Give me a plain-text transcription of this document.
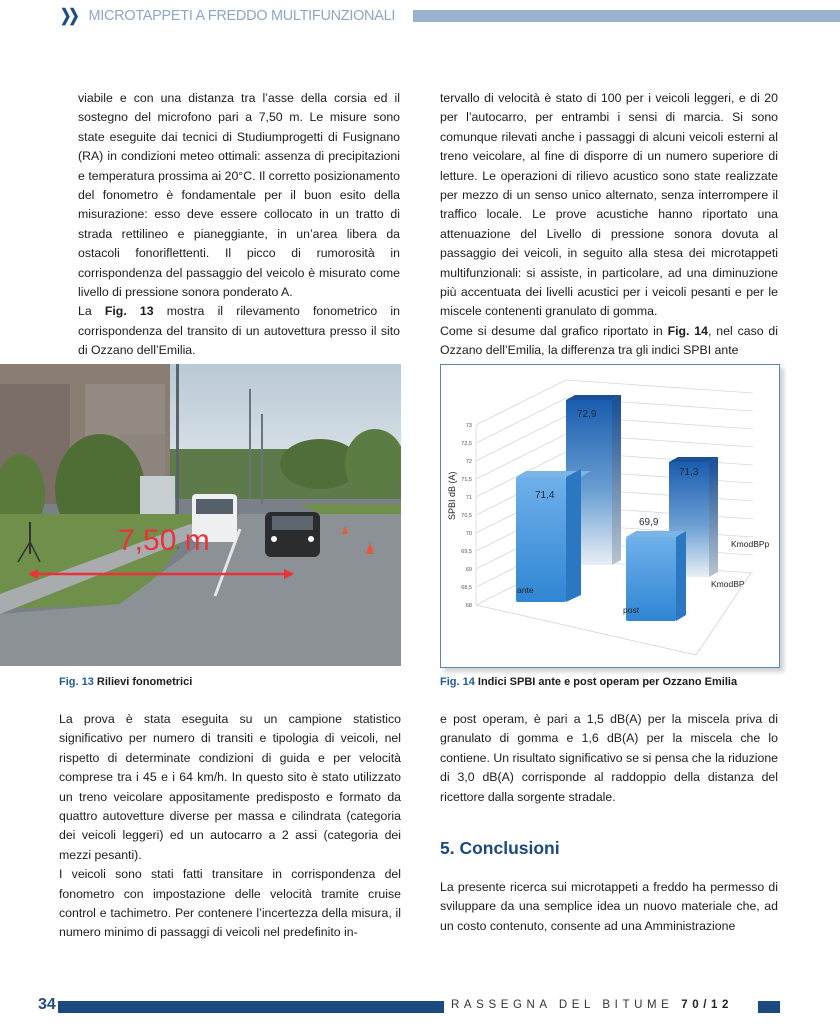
❯❯ MICROTAPPETI A FREDDO MULTIFUNZIONALI

viabile e con una distanza tra l’asse della corsia ed il sostegno del microfono pari a 7,50 m. Le misure sono state eseguite dai tecnici di Studiumprogetti di Fusignano (RA) in condizioni meteo ottimali: assenza di precipitazioni e temperatura prossima ai 20°C. Il corretto posizionamento del fonometro è fondamentale per il buon esito della misurazione: esso deve essere collocato in un tratto di strada rettilineo e pianeggiante, in un’area libera da ostacoli fonoriflettenti. Il picco di rumorosità in corrispondenza del passaggio del veicolo è misurato come livello di pressione sonora ponderato A.

La Fig. 13 mostra il rilevamento fonometrico in corrispondenza del transito di un autovettura presso il sito di Ozzano dell’Emilia.

tervallo di velocità è stato di 100 per i veicoli leggeri, e di 20 per l’autocarro, per entrambi i sensi di marcia. Si sono comunque rilevati anche i passaggi di alcuni veicoli esterni al treno veicolare, al fine di disporre di un numero superiore di letture. Le operazioni di rilievo acustico sono state realizzate per mezzo di un senso unico alternato, senza interrompere il traffico locale. Le prove acustiche hanno riportato una attenuazione del Livello di pressione sonora dovuta al passaggio dei veicoli, in seguito alla stesa dei microtappeti multifunzionali: si assiste, in particolare, ad una diminuzione più accentuata dei livelli acustici per i veicoli pesanti e per le miscele contenenti granulato di gomma.

Come si desume dal grafico riportato in Fig. 14, nel caso di Ozzano dell’Emilia, la differenza tra gli indici SPBI ante

7,50 m
Fig. 13 Rilievi fonometrici
68
68,5
69
69,5
70
70,5
71
71,5
72
72,5
73
SPBI dB (A)
72,9
71,4
71,3
69,9
ante
post
KmodBPp
KmodBP
Fig. 14 Indici SPBI ante e post operam per Ozzano Emilia

La prova è stata eseguita su un campione statistico significativo per numero di transiti e tipologia di veicoli, nel rispetto di determinate condizioni di guida e per velocità comprese tra i 45 e i 64 km/h. In questo sito è stato utilizzato un treno veicolare appositamente predisposto e formato da quattro autovetture diverse per massa e cilindrata (categoria dei veicoli leggeri) ed un autocarro a 2 assi (categoria dei mezzi pesanti).

I veicoli sono stati fatti transitare in corrispondenza del fonometro con impostazione delle velocità tramite cruise control e tachimetro. Per contenere l’incertezza della misura, il numero minimo di passaggi di veicoli nel predefinito in-

e post operam, è pari a 1,5 dB(A) per la miscela priva di granulato di gomma e 1,6 dB(A) per la miscela che lo contiene. Un risultato significativo se si pensa che la riduzione di 3,0 dB(A) corrisponde al raddoppio della distanza del ricettore dalla sorgente stradale.

5. Conclusioni

La presente ricerca sui microtappeti a freddo ha permesso di sviluppare da una semplice idea un nuovo materiale che, ad un costo contenuto, consente ad una Amministrazione

34	RASSEGNA DEL BITUME 70/12
